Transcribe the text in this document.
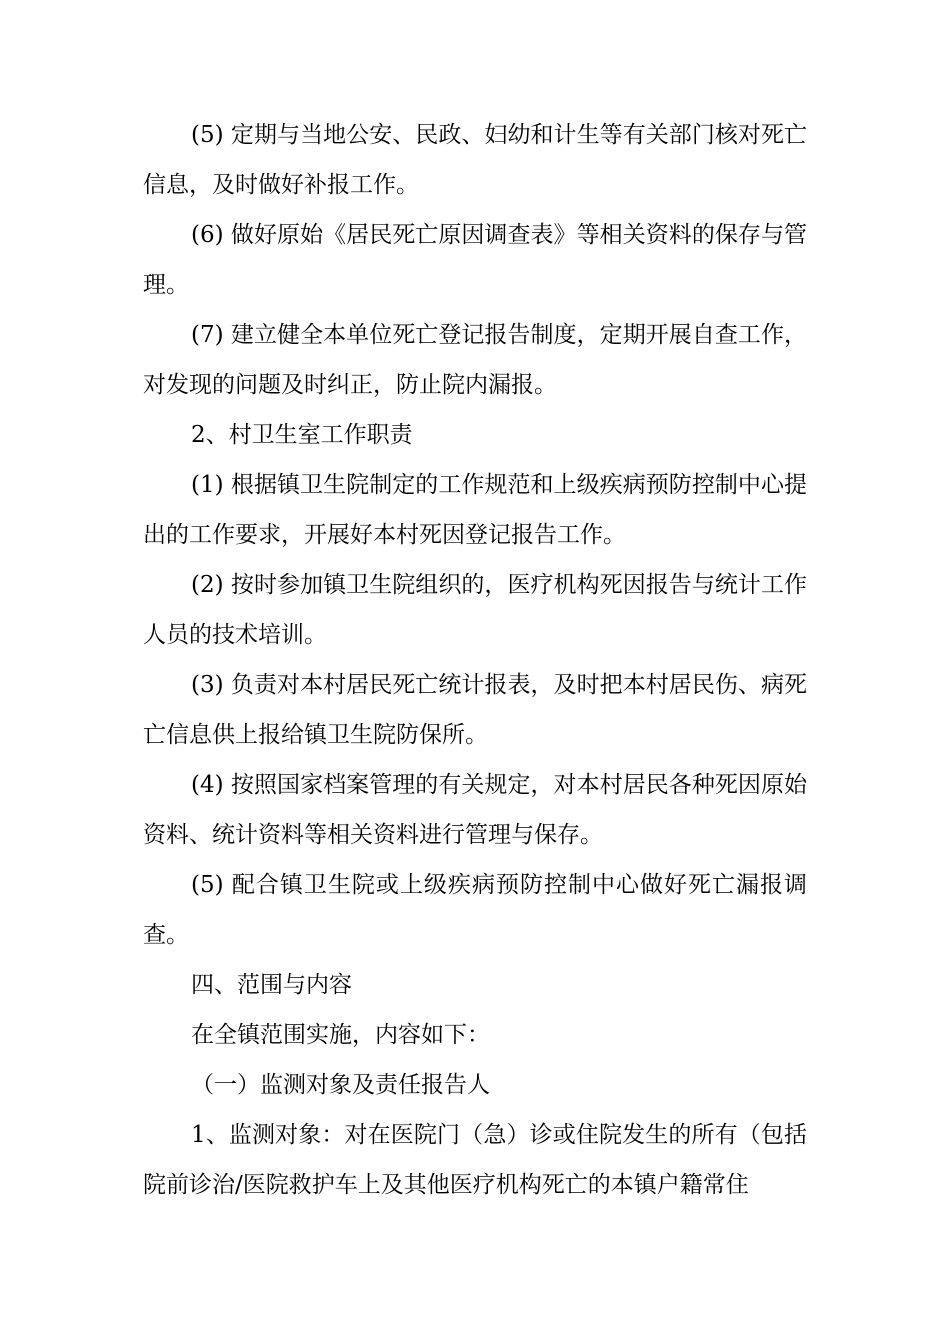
(5) 定期与当地公安、民政、妇幼和计生等有关部门核对死亡信息，及时做好补报工作。

(6) 做好原始《居民死亡原因调查表》等相关资料的保存与管理。

(7) 建立健全本单位死亡登记报告制度，定期开展自查工作，对发现的问题及时纠正，防止院内漏报。

2、村卫生室工作职责

(1) 根据镇卫生院制定的工作规范和上级疾病预防控制中心提出的工作要求，开展好本村死因登记报告工作。

(2) 按时参加镇卫生院组织的，医疗机构死因报告与统计工作人员的技术培训。

(3) 负责对本村居民死亡统计报表，及时把本村居民伤、病死亡信息供上报给镇卫生院防保所。

(4) 按照国家档案管理的有关规定，对本村居民各种死因原始资料、统计资料等相关资料进行管理与保存。

(5) 配合镇卫生院或上级疾病预防控制中心做好死亡漏报调查。

四、范围与内容

在全镇范围实施，内容如下：

（一）监测对象及责任报告人

1、监测对象：对在医院门（急）诊或住院发生的所有（包括院前诊治/医院救护车上及其他医疗机构死亡的本镇户籍常住
